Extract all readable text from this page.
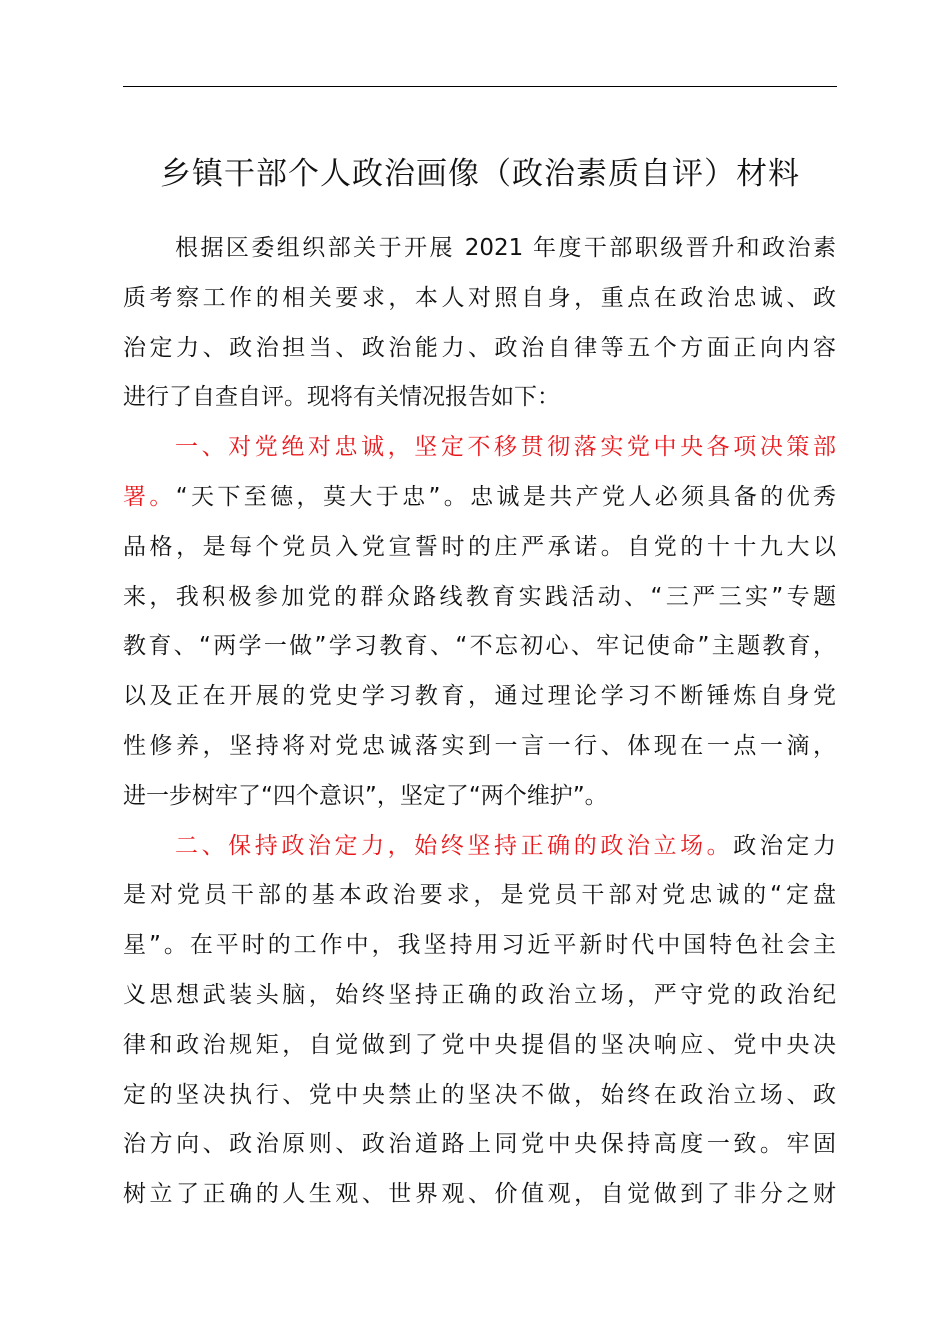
乡镇干部个人政治画像（政治素质自评）材料
根据区委组织部关于开展 2021 年度干部职级晋升和政治素
质考察工作的相关要求，本人对照自身，重点在政治忠诚、政
治定力、政治担当、政治能力、政治自律等五个方面正向内容
进行了自查自评。现将有关情况报告如下：
一、对党绝对忠诚，坚定不移贯彻落实党中央各项决策部
署。“天下至德，莫大于忠”。忠诚是共产党人必须具备的优秀
品格，是每个党员入党宣誓时的庄严承诺。自党的十十九大以
来，我积极参加党的群众路线教育实践活动、“三严三实”专题
教育、“两学一做”学习教育、“不忘初心、牢记使命”主题教育，
以及正在开展的党史学习教育，通过理论学习不断锤炼自身党
性修养，坚持将对党忠诚落实到一言一行、体现在一点一滴，
进一步树牢了“四个意识”，坚定了“两个维护”。
二、保持政治定力，始终坚持正确的政治立场。政治定力
是对党员干部的基本政治要求，是党员干部对党忠诚的“定盘
星”。在平时的工作中，我坚持用习近平新时代中国特色社会主
义思想武装头脑，始终坚持正确的政治立场，严守党的政治纪
律和政治规矩，自觉做到了党中央提倡的坚决响应、党中央决
定的坚决执行、党中央禁止的坚决不做，始终在政治立场、政
治方向、政治原则、政治道路上同党中央保持高度一致。牢固
树立了正确的人生观、世界观、价值观，自觉做到了非分之财
